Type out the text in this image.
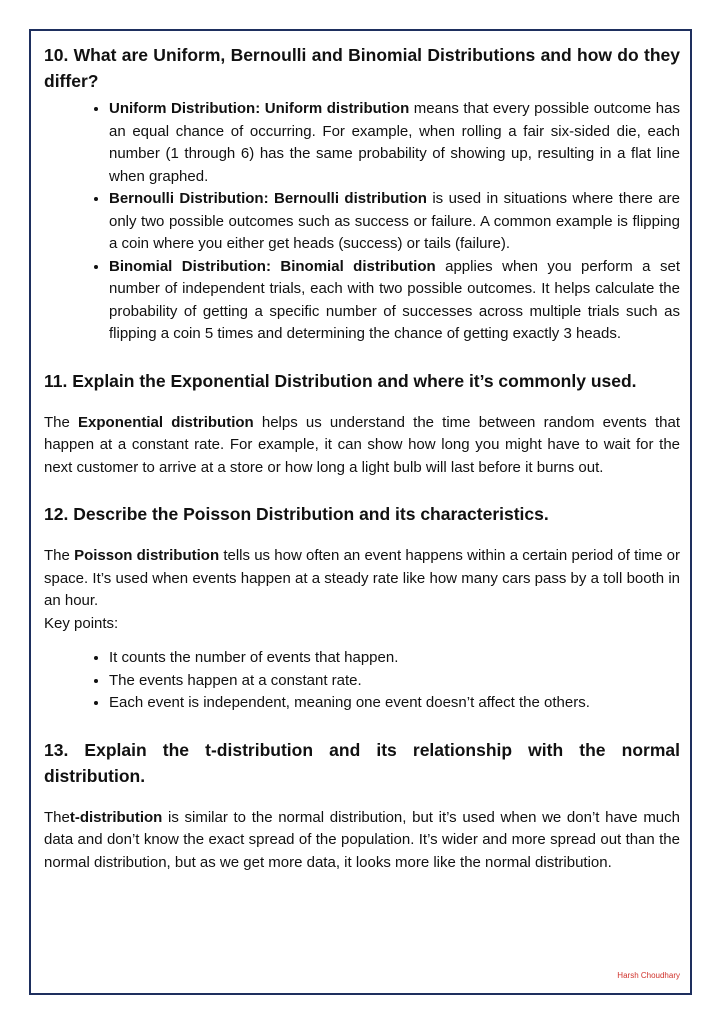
10. What are Uniform, Bernoulli and Binomial Distributions and how do they differ?
• Uniform Distribution: Uniform distribution means that every possible outcome has an equal chance of occurring. For example, when rolling a fair six-sided die, each number (1 through 6) has the same probability of showing up, resulting in a flat line when graphed.
• Bernoulli Distribution: Bernoulli distribution is used in situations where there are only two possible outcomes such as success or failure. A common example is flipping a coin where you either get heads (success) or tails (failure).
• Binomial Distribution: Binomial distribution applies when you perform a set number of independent trials, each with two possible outcomes. It helps calculate the probability of getting a specific number of successes across multiple trials such as flipping a coin 5 times and determining the chance of getting exactly 3 heads.
11. Explain the Exponential Distribution and where it’s commonly used.

The Exponential distribution helps us understand the time between random events that happen at a constant rate. For example, it can show how long you might have to wait for the next customer to arrive at a store or how long a light bulb will last before it burns out.

12. Describe the Poisson Distribution and its characteristics.

The Poisson distribution tells us how often an event happens within a certain period of time or space. It’s used when events happen at a steady rate like how many cars pass by a toll booth in an hour.

Key points:

• It counts the number of events that happen.
• The events happen at a constant rate.
• Each event is independent, meaning one event doesn’t affect the others.
13. Explain the t-distribution and its relationship with the normal distribution.

Thet-distribution is similar to the normal distribution, but it’s used when we don’t have much data and don’t know the exact spread of the population. It’s wider and more spread out than the normal distribution, but as we get more data, it looks more like the normal distribution.

Harsh Choudhary
